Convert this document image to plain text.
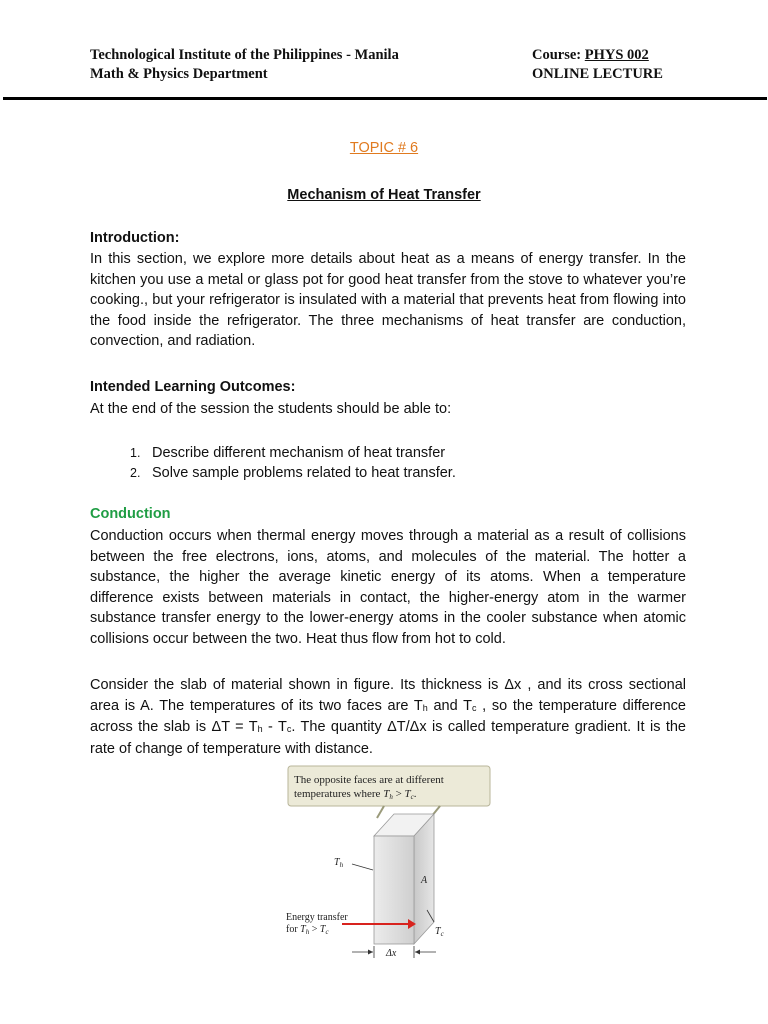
Technological Institute of the Philippines - Manila
Math & Physics Department
Course: PHYS 002
ONLINE LECTURE
TOPIC # 6
Mechanism of Heat Transfer
Introduction:
In this section, we explore more details about heat as a means of energy transfer. In the kitchen you use a metal or glass pot for good heat transfer from the stove to whatever you’re cooking., but your refrigerator is insulated with a material that prevents heat from flowing into the food inside the refrigerator. The three mechanisms of heat transfer are conduction, convection, and radiation.
Intended Learning Outcomes:
At the end of the session the students should be able to:
1. Describe different mechanism of heat transfer
2. Solve sample problems related to heat transfer.
Conduction
Conduction occurs when thermal energy moves through a material as a result of collisions between the free electrons, ions, atoms, and molecules of the material. The hotter a substance, the higher the average kinetic energy of its atoms. When a temperature difference exists between materials in contact, the higher-energy atom in the warmer substance transfer energy to the lower-energy atoms in the cooler substance when atomic collisions occur between the two. Heat thus flow from hot to cold.
Consider the slab of material shown in figure. Its thickness is Δx , and its cross sectional area is A. The temperatures of its two faces are $T_h$ and $T_c$ , so the temperature difference across the slab is $\Delta T = T_h - T_c$. The quantity ΔT/Δx is called temperature gradient. It is the rate of change of temperature with distance.
The opposite faces are at different
temperatures where Th > Tc.
$T_h$
A
Energy transfer
for $T_h > T_c$	$T_c$
Δx
